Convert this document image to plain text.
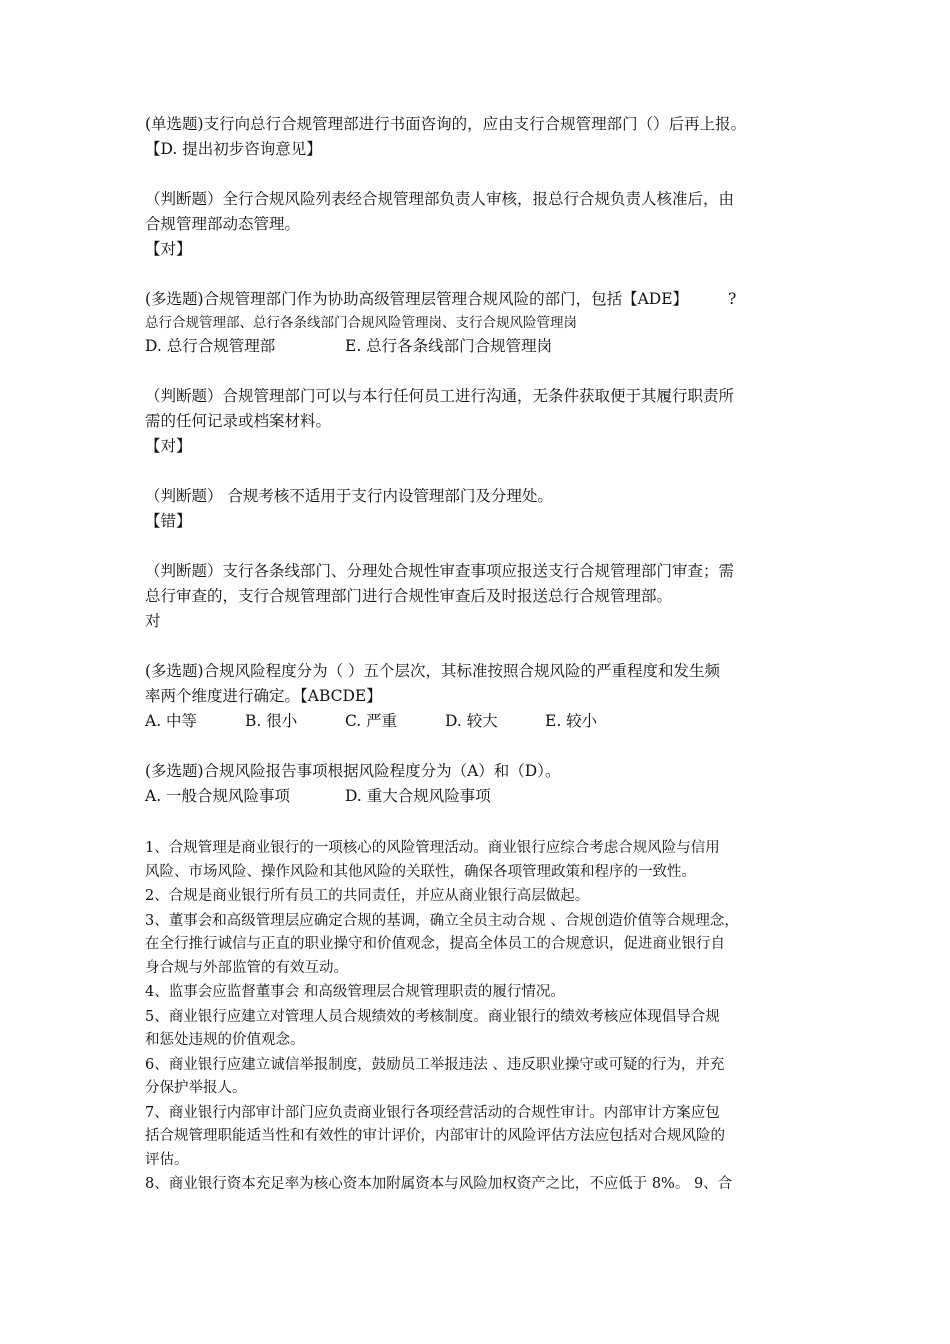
(单选题)支行向总行合规管理部进行书面咨询的，应由支行合规管理部门（）后再上报。
【D. 提出初步咨询意见】
（判断题）全行合规风险列表经合规管理部负责人审核，报总行合规负责人核准后，由
合规管理部动态管理。
【对】
(多选题)合规管理部门作为协助高级管理层管理合规风险的部门，包括【ADE】	?
总行合规管理部、总行各条线部门合规风险管理岗、支行合规风险管理岗
D. 总行合规管理部	E. 总行各条线部门合规管理岗
（判断题）合规管理部门可以与本行任何员工进行沟通，无条件获取便于其履行职责所
需的任何记录或档案材料。
【对】
（判断题） 合规考核不适用于支行内设管理部门及分理处。
【错】
（判断题）支行各条线部门、分理处合规性审查事项应报送支行合规管理部门审查；需
总行审查的，支行合规管理部门进行合规性审查后及时报送总行合规管理部。
对
(多选题)合规风险程度分为（ ）五个层次，其标准按照合规风险的严重程度和发生频
率两个维度进行确定。【ABCDE】
A. 中等	B. 很小	C. 严重	D. 较大	E. 较小
(多选题)合规风险报告事项根据风险程度分为（A）和（D）。
A. 一般合规风险事项	D. 重大合规风险事项
1、合规管理是商业银行的一项核心的风险管理活动。商业银行应综合考虑合规风险与信用
风险、市场风险、操作风险和其他风险的关联性，确保各项管理政策和程序的一致性。
2、合规是商业银行所有员工的共同责任，并应从商业银行高层做起。
3、董事会和高级管理层应确定合规的基调，确立全员主动合规 、合规创造价值等合规理念，
在全行推行诚信与正直的职业操守和价值观念，提高全体员工的合规意识，促进商业银行自
身合规与外部监管的有效互动。
4、监事会应监督董事会 和高级管理层合规管理职责的履行情况。
5、商业银行应建立对管理人员合规绩效的考核制度。商业银行的绩效考核应体现倡导合规
和惩处违规的价值观念。
6、商业银行应建立诚信举报制度，鼓励员工举报违法 、违反职业操守或可疑的行为，并充
分保护举报人。
7、商业银行内部审计部门应负责商业银行各项经营活动的合规性审计。内部审计方案应包
括合规管理职能适当性和有效性的审计评价，内部审计的风险评估方法应包括对合规风险的
评估。
8、商业银行资本充足率为核心资本加附属资本与风险加权资产之比，不应低于 8%。 9、合
